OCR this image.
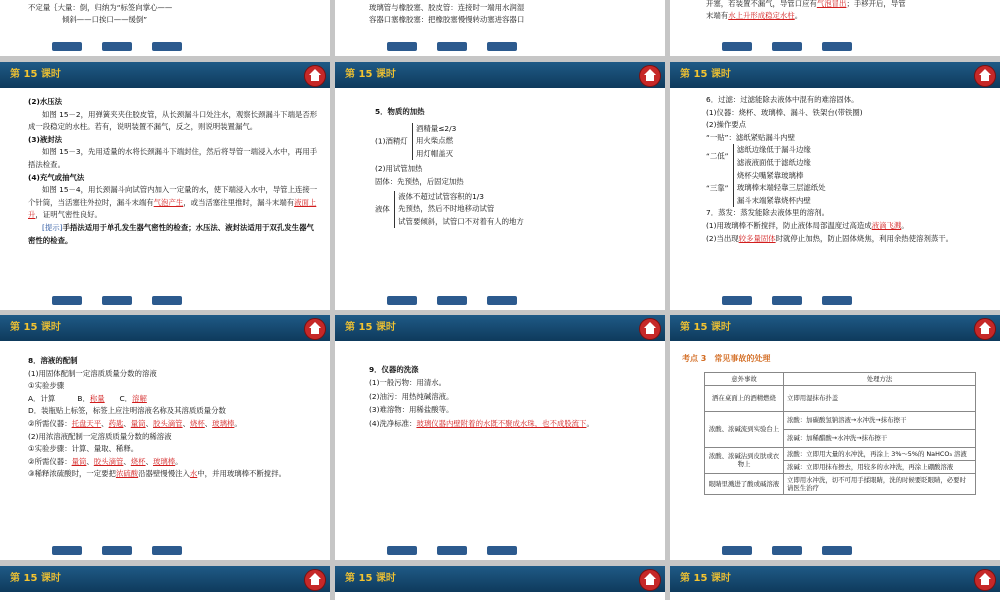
不定量｛大量：倒，归纳为“标签向掌心——

倾斜——口挨口——缓倒”

玻璃管与橡胶塞、胶皮管：连接时一端用水润湿

容器口塞橡胶塞：把橡胶塞慢慢转动塞进容器口

开塞，若装置不漏气，导管口应有气泡冒出；手移开后，导管

末端有水上升形成稳定水柱。

第 15 课时

(2)水压法

如图 15－2，用弹簧夹夹住胶皮管，从长颈漏斗口处注水，观察长颈漏斗下端是否形成一段稳定的水柱。若有，说明装置不漏气，反之，则说明装置漏气。

(3)液封法

如图 15－3，先用适量的水将长颈漏斗下端封住，然后将导管一端浸入水中，再用手捂法检查。

(4)充气或抽气法

如图 15－4，用长颈漏斗向试管内加入一定量的水，使下端浸入水中，导管上连接一个针筒，当活塞往外拉时，漏斗末端有气泡产生，或当活塞往里推时，漏斗末端有液面上升，证明气密性良好。

[提示]手捂法适用于单孔发生器气密性的检查；水压法、液封法适用于双孔发生器气密性的检查。

第 15 课时

5．物质的加热

(1)酒精灯
酒精量≤2/3
用火柴点燃
用灯帽盖灭

(2)用试管加热

固体：先预热，后固定加热

液体
液体不超过试管容积的1/3
先预热，然后不时地移动试管
试管要倾斜，试管口不对着有人的地方
第 15 课时

6．过滤：过滤能除去液体中混有的难溶固体。

(1)仪器：烧杯、玻璃棒、漏斗、铁架台(带铁圈)

(2)操作要点

“一贴”：滤纸紧贴漏斗内壁

“二低”
滤纸边缘低于漏斗边缘
滤液液面低于滤纸边缘
“三靠”
烧杯尖嘴紧靠玻璃棒
玻璃棒末端轻靠三层滤纸处
漏斗末端紧靠烧杯内壁

7．蒸发：蒸发能除去液体里的溶剂。

(1)用玻璃棒不断搅拌，防止液体局部温度过高造成液滴飞溅。

(2)当出现较多量固体时就停止加热，防止固体烧焦，利用余热使溶剂蒸干。

第 15 课时

8．溶液的配制

(1)用固体配制一定溶质质量分数的溶液

①实验步骤

A．计算　　　	B．称量　　 C．溶解

D．装瓶贴上标签，标签上应注明溶液名称及其溶质质量分数

②所需仪器：托盘天平、药匙、量筒、胶头滴管、烧杯、玻璃棒。

(2)用浓溶液配制一定溶质质量分数的稀溶液

①实验步骤：计算、量取、稀释。

②所需仪器：量筒、胶头滴管、烧杯、玻璃棒。

③稀释浓硫酸时，一定要把浓硫酸沿器壁慢慢注入水中，并用玻璃棒不断搅拌。

第 15 课时

9．仪器的洗涤

(1)一般污物：用清水。

(2)油污：用热纯碱溶液。

(3)难溶物：用稀盐酸等。

(4)洗净标准：玻璃仪器内壁附着的水既不聚成水珠，也不成股流下。

第 15 课时

考点 3　常见事故的处理

意外事故	处理方法
洒在桌面上的酒精燃烧	立即用湿抹布扑盖
浓酸、浓碱流到实验台上	浓酸：加碳酸氢钠溶液→水冲洗→抹布擦干
	浓碱：加稀醋酸→水冲洗→抹布擦干
浓酸、浓碱沾到皮肤或衣物上	浓酸：立即用大量的水冲洗，再涂上 3%～5%的 NaHCO₃ 溶液
	浓碱：立即用抹布擦去，用较多的水冲洗，再涂上硼酸溶液
眼睛里溅进了酸或碱溶液	立即用水冲洗，切不可用手揉眼睛，洗的时候要眨眼睛，必要时请医生治疗
第 15 课时	第 15 课时	第 15 课时
